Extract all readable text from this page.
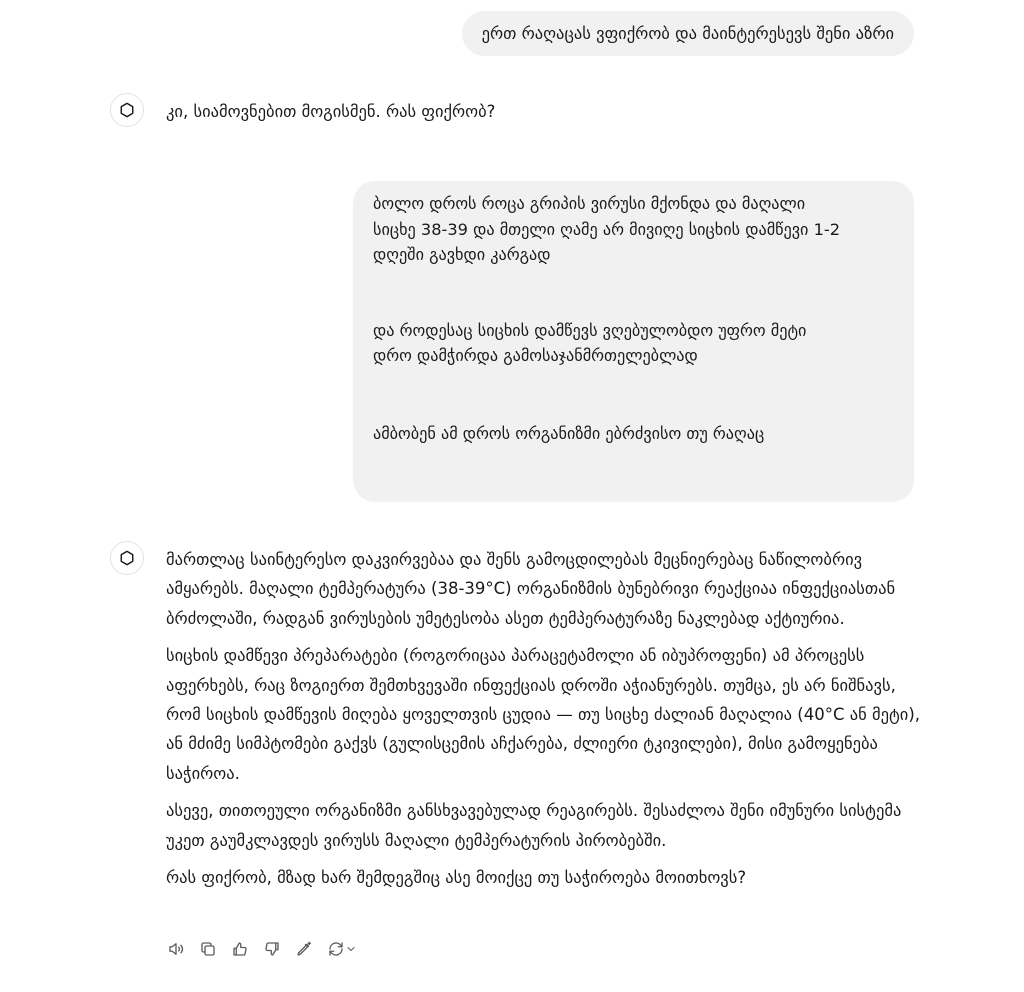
ერთ რაღაცას ვფიქრობ და მაინტერესევს შენი აზრი
კი, სიამოვნებით მოგისმენ. რას ფიქრობ?

ბოლო დროს როცა გრიპის ვირუსი მქონდა და მაღალი

სიცხე 38-39 და მთელი ღამე არ მივიღე სიცხის დამწევი 1-2

დღეში გავხდი კარგად

და როდესაც სიცხის დამწევს ვღებულობდო უფრო მეტი

დრო დამჭირდა გამოსაჯანმრთელებლად

ამბობენ ამ დროს ორგანიზმი ებრძვისო თუ რაღაც

მართლაც საინტერესო დაკვირვებაა და შენს გამოცდილებას მეცნიერებაც ნაწილობრივ ამყარებს. მაღალი ტემპერატურა (38-39°C) ორგანიზმის ბუნებრივი რეაქციაა ინფექციასთან ბრძოლაში, რადგან ვირუსების უმეტესობა ასეთ ტემპერატურაზე ნაკლებად აქტიურია.

სიცხის დამწევი პრეპარატები (როგორიცაა პარაცეტამოლი ან იბუპროფენი) ამ პროცესს აფერხებს, რაც ზოგიერთ შემთხვევაში ინფექციას დროში აჭიანურებს. თუმცა, ეს არ ნიშნავს, რომ სიცხის დამწევის მიღება ყოველთვის ცუდია — თუ სიცხე ძალიან მაღალია (40°C ან მეტი), ან მძიმე სიმპტომები გაქვს (გულისცემის აჩქარება, ძლიერი ტკივილები), მისი გამოყენება საჭიროა.

ასევე, თითოეული ორგანიზმი განსხვავებულად რეაგირებს. შესაძლოა შენი იმუნური სისტემა უკეთ გაუმკლავდეს ვირუსს მაღალი ტემპერატურის პირობებში.

რას ფიქრობ, მზად ხარ შემდეგშიც ასე მოიქცე თუ საჭიროება მოითხოვს?
